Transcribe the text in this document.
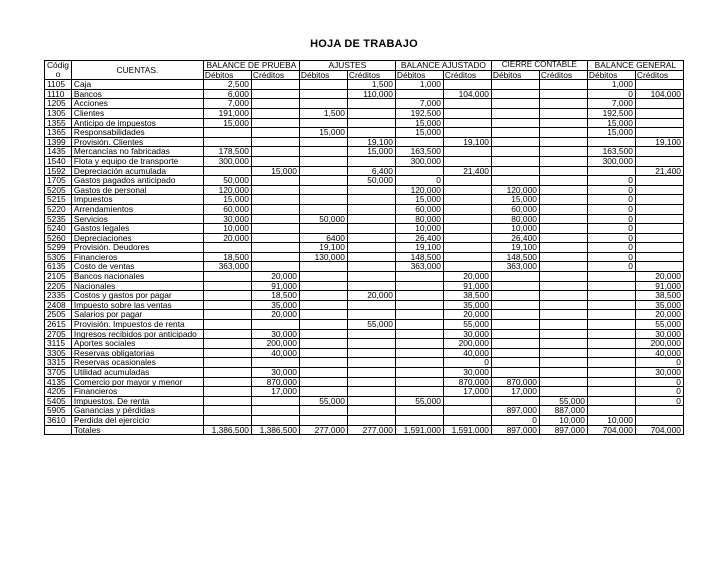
HOJA DE TRABAJO
Códig o	CUENTAS.	BALANCE DE PRUEBA		AJUSTES		BALANCE AJUSTADO		CIERRE CONTABLE		BALANCE GENERAL	
		Débitos	Créditos	Débitos	Créditos	Débitos	Créditos	Débitos	Créditos	Débitos	Créditos
1105	Caja	2,500			1,500	1,000				1,000	
1110	Bancos	6,000			110,000		104,000			0	104,000
1205	Acciones	7,000				7,000				7,000	
1305	Clientes	191,000		1,500		192,500				192,500	
1355	Anticipo de impuestos	15,000				15,000				15,000	
1365	Responsabilidades			15,000		15,000				15,000	
1399	Provisión. Clientes				19,100		19,100				19,100
1435	Mercancías no fabricadas	178,500			15,000	163,500				163,500	
1540	Flota y equipo de transporte	300,000				300,000				300,000	
1592	Depreciación acumulada		15,000		6,400		21,400				21,400
1705	Gastos pagados anticipado	50,000			50,000	0				0	
5205	Gastos de personal	120,000				120,000		120,000		0	
5215	Impuestos	15,000				15,000		15,000		0	
5220	Arrendamientos	60,000				60,000		60,000		0	
5235	Servicios	30,000		50,000		80,000		80,000		0	
5240	Gastos legales	10,000				10,000		10,000		0	
5260	Depreciaciones	20,000		6400		26,400		26,400		0	
5299	Provisión. Deudores			19,100		19,100		19,100		0	
5305	Financieros	18,500		130,000		148,500		148,500		0	
6135	Costo de ventas	363,000				363,000		363,000		0	
2105	Bancos nacionales		20,000				20,000				20,000
2205	Nacionales		91,000				91,000				91,000
2335	Costos y gastos por pagar		18,500		20,000		38,500				38,500
2408	Impuesto sobre las ventas		35,000				35,000				35,000
2505	Salarios por pagar		20,000				20,000				20,000
2615	Provisión. Impuestos de renta				55,000		55,000				55,000
2705	Ingresos recibidos por anticipado		30,000				30,000				30,000
3115	Aportes sociales		200,000				200,000				200,000
3305	Reservas obligatorias		40,000				40,000				40,000
3315	Reservas ocasionales						0				0
3705	Utilidad acumuladas		30,000				30,000				30,000
4135	Comercio por mayor y menor		870,000				870,000	870,000			0
4205	Financieros		17,000				17,000	17,000			0
5405	Impuestos. De renta			55,000		55,000			55,000		0
5905	Ganancias y pérdidas							897,000	887,000		
3610	Perdida del ejercicio							0	10,000	10,000	
	Totales	1,386,500	1,386,500	277,000	277,000	1,591,000	1,591,000	897,000	897,000	704,000	704,000
